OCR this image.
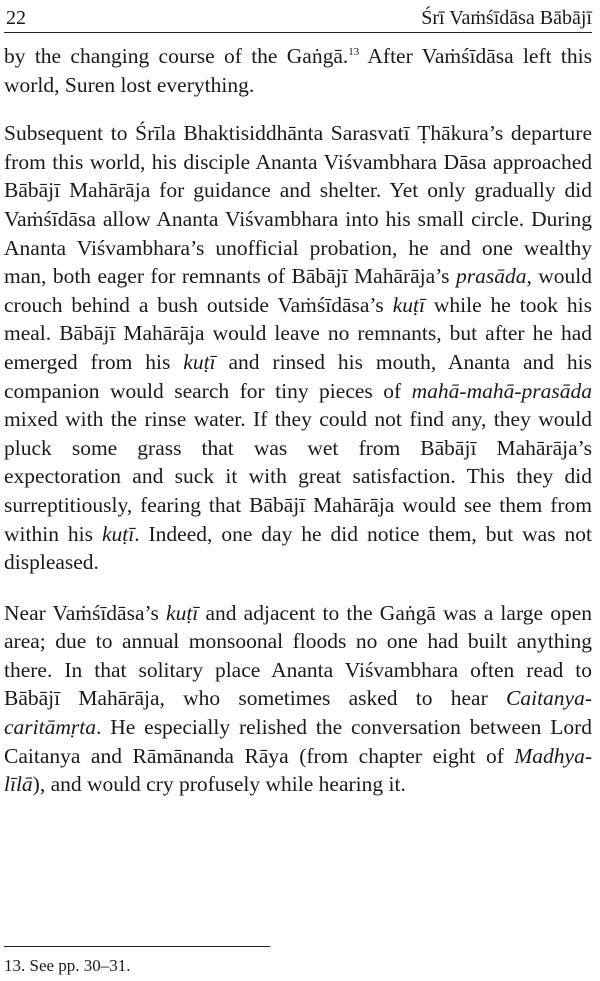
22	Śrī Vaṁśīdāsa Bābājī

by the changing course of the Gaṅgā.$^{13}$ After Vaṁśīdāsa left this world, Suren lost everything.

Subsequent to Śrīla Bhaktisiddhānta Sarasvatī Ṭhākura’s departure from this world, his disciple Ananta Viśvambhara Dāsa approached Bābājī Mahārāja for guidance and shelter. Yet only gradually did Vaṁśīdāsa allow Ananta Viśvambhara into his small circle. During Ananta Viśvambhara’s unofficial probation, he and one wealthy man, both eager for remnants of Bābājī Mahārāja’s prasāda, would crouch behind a bush outside Vaṁśīdāsa’s kuṭī while he took his meal. Bābājī Mahārāja would leave no remnants, but after he had emerged from his kuṭī and rinsed his mouth, Ananta and his companion would search for tiny pieces of mahā-mahā-prasāda mixed with the rinse water. If they could not find any, they would pluck some grass that was wet from Bābājī Mahārāja’s expectoration and suck it with great satisfaction. This they did surreptitiously, fearing that Bābājī Mahārāja would see them from within his kuṭī. Indeed, one day he did notice them, but was not displeased.

Near Vaṁśīdāsa’s kuṭī and adjacent to the Gaṅgā was a large open area; due to annual monsoonal floods no one had built anything there. In that solitary place Ananta Viśvambhara often read to Bābājī Mahārāja, who sometimes asked to hear Caitanya-caritāmṛta. He especially relished the conversation between Lord Caitanya and Rāmānanda Rāya (from chapter eight of Madhya-līlā), and would cry profusely while hearing it.

13. See pp. 30–31.
